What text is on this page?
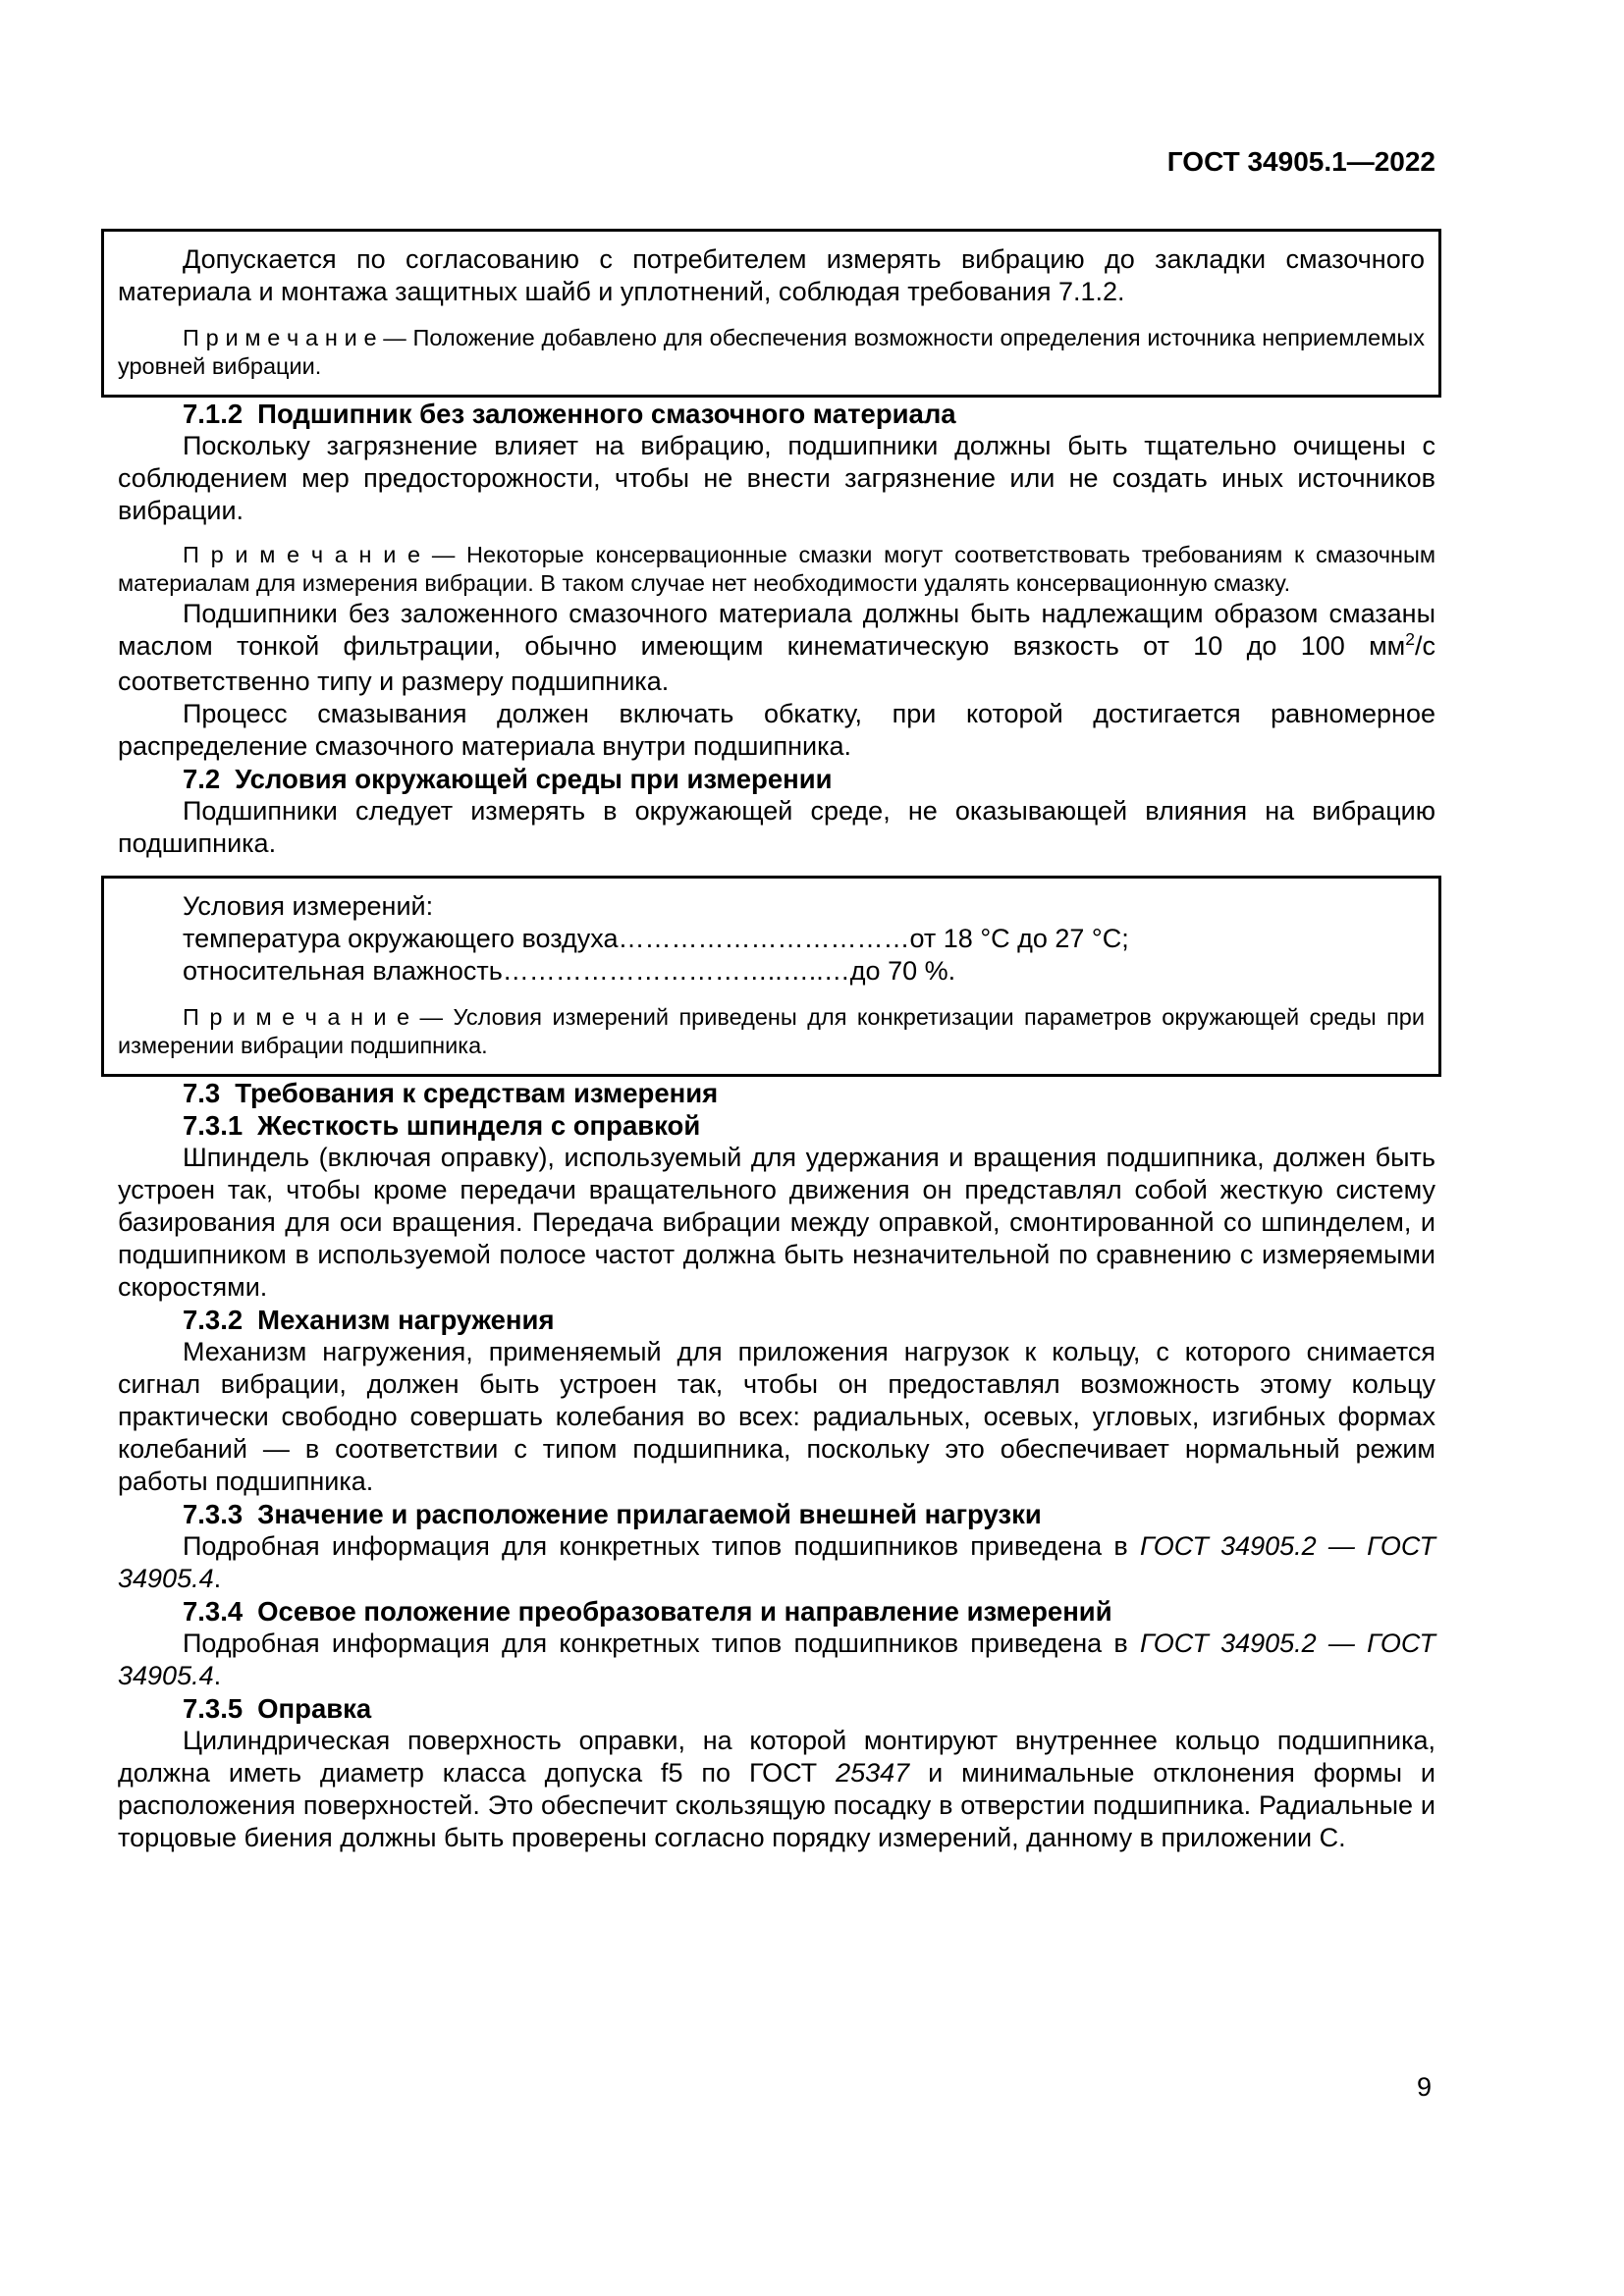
ГОСТ 34905.1—2022

Допускается по согласованию с потребителем измерять вибрацию до закладки смазочного материала и монтажа защитных шайб и уплотнений, соблюдая требования 7.1.2.

П р и м е ч а н и е — Положение добавлено для обеспечения возможности определения источника неприемлемых уровней вибрации.

7.1.2 Подшипник без заложенного смазочного материала

Поскольку загрязнение влияет на вибрацию, подшипники должны быть тщательно очищены с соблюдением мер предосторожности, чтобы не внести загрязнение или не создать иных источников вибрации.

П р и м е ч а н и е — Некоторые консервационные смазки могут соответствовать требованиям к смазочным материалам для измерения вибрации. В таком случае нет необходимости удалять консервационную смазку.

Подшипники без заложенного смазочного материала должны быть надлежащим образом смазаны маслом тонкой фильтрации, обычно имеющим кинематическую вязкость от 10 до 100 $мм^2/с$ соответственно типу и размеру подшипника.

Процесс смазывания должен включать обкатку, при которой достигается равномерное распределение смазочного материала внутри подшипника.

7.2 Условия окружающей среды при измерении

Подшипники следует измерять в окружающей среде, не оказывающей влияния на вибрацию подшипника.

Условия измерений:

температура окружающего воздуха……………………………от 18 °С до 27 °С;

относительная влажность…………………………..…..…до 70 %.

П р и м е ч а н и е — Условия измерений приведены для конкретизации параметров окружающей среды при измерении вибрации подшипника.

7.3 Требования к средствам измерения
7.3.1 Жесткость шпинделя с оправкой

Шпиндель (включая оправку), используемый для удержания и вращения подшипника, должен быть устроен так, чтобы кроме передачи вращательного движения он представлял собой жесткую систему базирования для оси вращения. Передача вибрации между оправкой, смонтированной со шпинделем, и подшипником в используемой полосе частот должна быть незначительной по сравнению с измеряемыми скоростями.

7.3.2 Механизм нагружения

Механизм нагружения, применяемый для приложения нагрузок к кольцу, с которого снимается сигнал вибрации, должен быть устроен так, чтобы он предоставлял возможность этому кольцу практически свободно совершать колебания во всех: радиальных, осевых, угловых, изгибных формах колебаний — в соответствии с типом подшипника, поскольку это обеспечивает нормальный режим работы подшипника.

7.3.3 Значение и расположение прилагаемой внешней нагрузки

Подробная информация для конкретных типов подшипников приведена в ГОСТ 34905.2 — ГОСТ 34905.4.

7.3.4 Осевое положение преобразователя и направление измерений

Подробная информация для конкретных типов подшипников приведена в ГОСТ 34905.2 — ГОСТ 34905.4.

7.3.5 Оправка

Цилиндрическая поверхность оправки, на которой монтируют внутреннее кольцо подшипника, должна иметь диаметр класса допуска f5 по ГОСТ 25347 и минимальные отклонения формы и расположения поверхностей. Это обеспечит скользящую посадку в отверстии подшипника. Радиальные и торцовые биения должны быть проверены согласно порядку измерений, данному в приложении С.

9
